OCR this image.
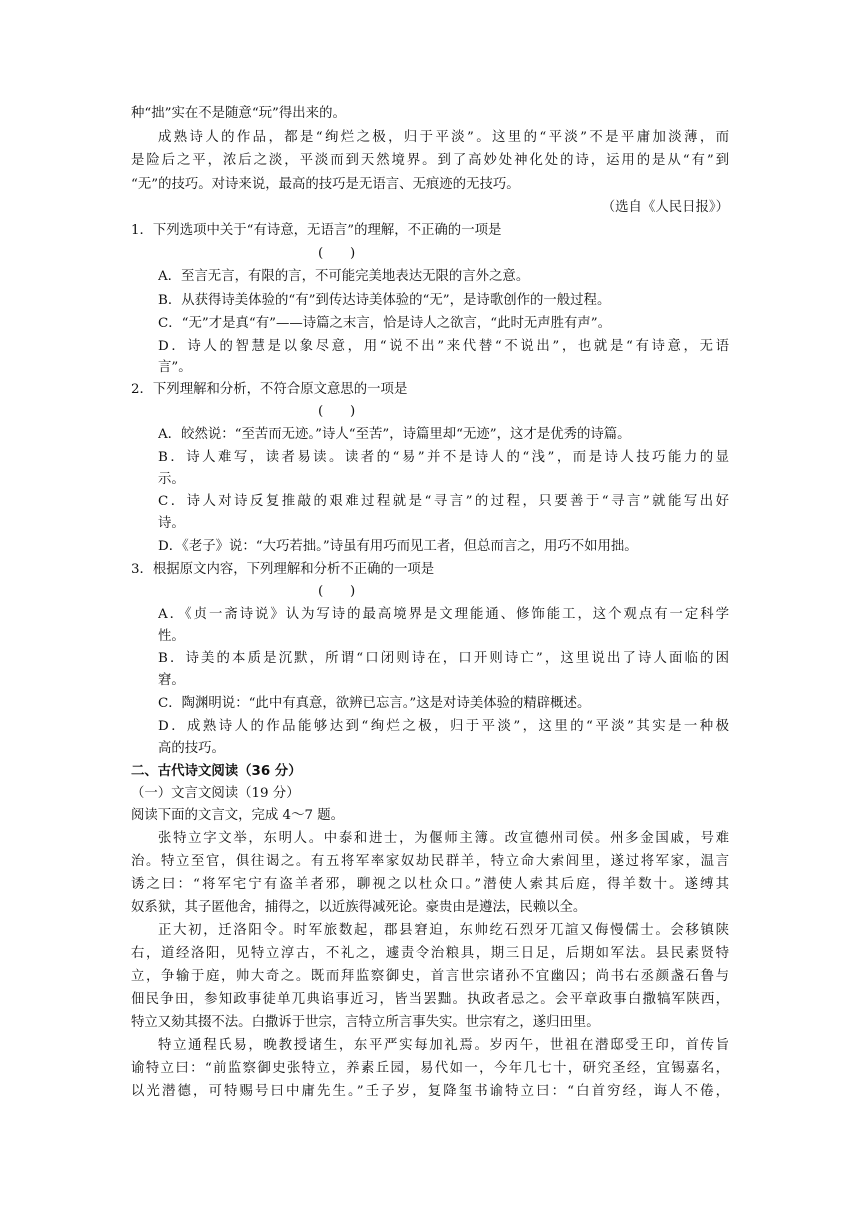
种“拙”实在不是随意“玩”得出来的。
成熟诗人的作品，都是“绚烂之极，归于平淡”。这里的“平淡”不是平庸加淡薄，而
是险后之平，浓后之淡，平淡而到天然境界。到了高妙处神化处的诗，运用的是从“有”到
“无”的技巧。对诗来说，最高的技巧是无语言、无痕迹的无技巧。
（选自《人民日报》）
1．下列选项中关于“有诗意，无语言”的理解，不正确的一项是
(　　)
A．至言无言，有限的言，不可能完美地表达无限的言外之意。
B．从获得诗美体验的“有”到传达诗美体验的“无”，是诗歌创作的一般过程。
C．“无”才是真“有”——诗篇之末言，恰是诗人之欲言，“此时无声胜有声”。
D．诗人的智慧是以象尽意，用“说不出”来代替“不说出”，也就是“有诗意，无语
言”。
2．下列理解和分析，不符合原文意思的一项是
(　　)
A．皎然说：“至苦而无迹。”诗人“至苦”，诗篇里却“无迹”，这才是优秀的诗篇。
B．诗人难写，读者易读。读者的“易”并不是诗人的“浅”，而是诗人技巧能力的显
示。
C．诗人对诗反复推敲的艰难过程就是“寻言”的过程，只要善于“寻言”就能写出好
诗。
D．《老子》说：“大巧若拙。”诗虽有用巧而见工者，但总而言之，用巧不如用拙。
3．根据原文内容，下列理解和分析不正确的一项是
(　　)
A．《贞一斋诗说》认为写诗的最高境界是文理能通、修饰能工，这个观点有一定科学
性。
B．诗美的本质是沉默，所谓“口闭则诗在，口开则诗亡”，这里说出了诗人面临的困
窘。
C．陶渊明说：“此中有真意，欲辨已忘言。”这是对诗美体验的精辟概述。
D．成熟诗人的作品能够达到“绚烂之极，归于平淡”，这里的“平淡”其实是一种极
高的技巧。
二、古代诗文阅读（36 分）
（一）文言文阅读（19 分）
阅读下面的文言文，完成 4～7 题。
张特立字文举，东明人。中泰和进士，为偃师主簿。改宣德州司侯。州多金国戚，号难
治。特立至官，俱往谒之。有五将军率家奴劫民群羊，特立命大索闾里，遂过将军家，温言
诱之曰：“将军宅宁有盗羊者邪，聊视之以杜众口。”潜使人索其后庭，得羊数十。遂缚其
奴系狱，其子匿他舍，捕得之，以近族得减死论。豪贵由是遵法，民赖以全。
正大初，迁洛阳令。时军旅数起，郡县窘迫，东帅纥石烈牙兀諠又侮慢儒士。会移镇陕
右，道经洛阳，见特立淳古，不礼之，遽责令治粮具，期三日足，后期如军法。县民素贤特
立，争输于庭，帅大奇之。既而拜监察御史，首言世宗诸孙不宜幽囚；尚书右丞颜盏石鲁与
佃民争田，参知政事徒单兀典谄事近习，皆当罢黜。执政者忌之。会平章政事白撒犒军陕西，
特立又劾其掇不法。白撒诉于世宗，言特立所言事失实。世宗宥之，遂归田里。
特立通程氏易，晚教授诸生，东平严实每加礼焉。岁丙午，世祖在潜邸受王印，首传旨
谕特立曰：“前监察御史张特立，养素丘园，易代如一，今年几七十，研究圣经，宜锡嘉名，
以光潜德，可特赐号曰中庸先生。”壬子岁，复降玺书谕特立曰：“白首穷经，诲人不倦，
